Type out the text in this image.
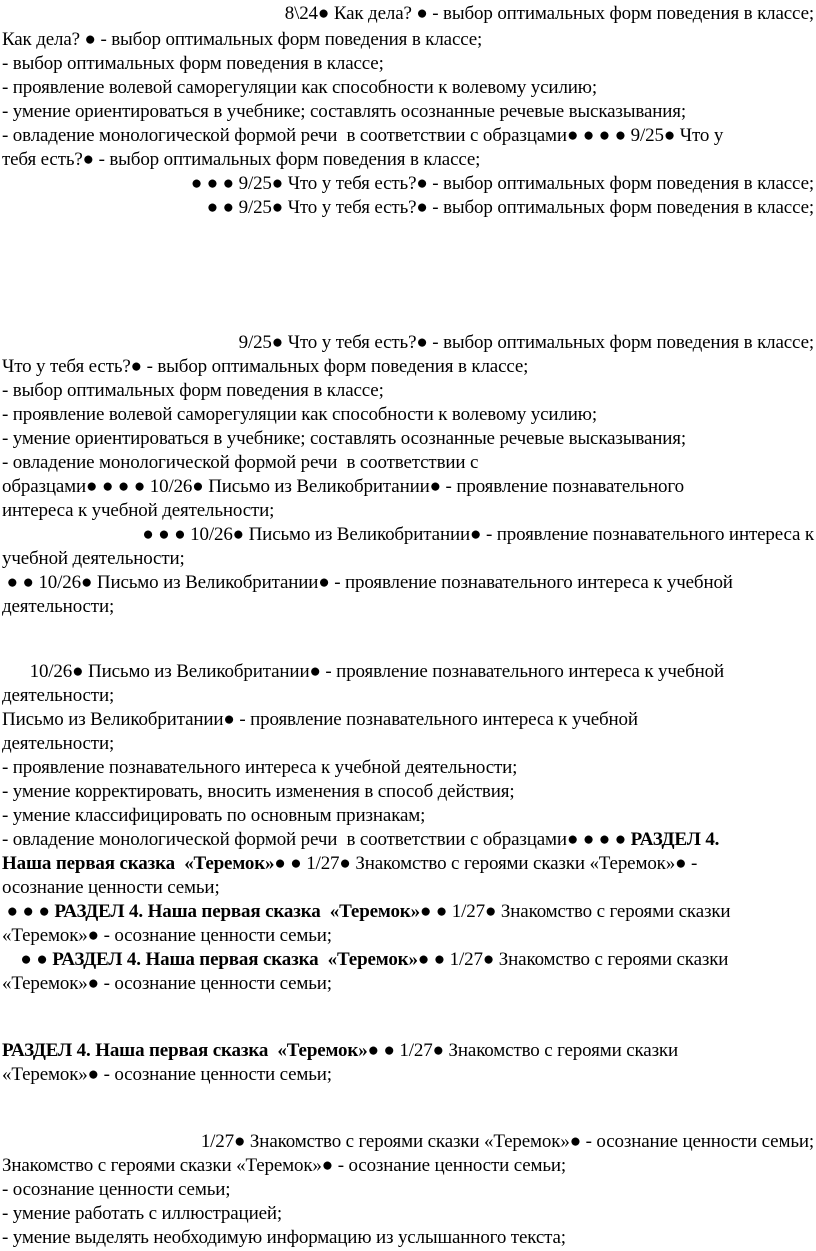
8\24● Как дела? ● - выбор оптимальных форм поведения в классе;
Как дела? ● - выбор оптимальных форм поведения в классе;
- выбор оптимальных форм поведения в классе;
- проявление волевой саморегуляции как способности к волевому усилию;
- умение ориентироваться в учебнике; составлять осознанные речевые высказывания;
- овладение монологической формой речи  в соответствии с образцами● ● ● ● 9/25● Что у
тебя есть?● - выбор оптимальных форм поведения в классе;
● ● ● 9/25● Что у тебя есть?● - выбор оптимальных форм поведения в классе;
● ● 9/25● Что у тебя есть?● - выбор оптимальных форм поведения в классе;
9/25● Что у тебя есть?● - выбор оптимальных форм поведения в классе;
Что у тебя есть?● - выбор оптимальных форм поведения в классе;
- выбор оптимальных форм поведения в классе;
- проявление волевой саморегуляции как способности к волевому усилию;
- умение ориентироваться в учебнике; составлять осознанные речевые высказывания;
- овладение монологической формой речи  в соответствии с
образцами● ● ● ● 10/26● Письмо из Великобритании● - проявление познавательного
интереса к учебной деятельности;
● ● ● 10/26● Письмо из Великобритании● - проявление познавательного интереса к
учебной деятельности;
● ● 10/26● Письмо из Великобритании● - проявление познавательного интереса к учебной
деятельности;
10/26● Письмо из Великобритании● - проявление познавательного интереса к учебной
деятельности;
Письмо из Великобритании● - проявление познавательного интереса к учебной
деятельности;
- проявление познавательного интереса к учебной деятельности;
- умение корректировать, вносить изменения в способ действия;
- умение классифицировать по основным признакам;
- овладение монологической формой речи  в соответствии с образцами● ● ● ● РАЗДЕЛ 4.
Наша первая сказка  «Теремок»● ● 1/27● Знакомство с героями сказки «Теремок»● -
осознание ценности семьи;
● ● ● РАЗДЕЛ 4. Наша первая сказка  «Теремок»● ● 1/27● Знакомство с героями сказки
«Теремок»● - осознание ценности семьи;
● ● РАЗДЕЛ 4. Наша первая сказка  «Теремок»● ● 1/27● Знакомство с героями сказки
«Теремок»● - осознание ценности семьи;
РАЗДЕЛ 4. Наша первая сказка  «Теремок»● ● 1/27● Знакомство с героями сказки
«Теремок»● - осознание ценности семьи;
1/27● Знакомство с героями сказки «Теремок»● - осознание ценности семьи;
Знакомство с героями сказки «Теремок»● - осознание ценности семьи;
- осознание ценности семьи;
- умение работать с иллюстрацией;
- умение выделять необходимую информацию из услышанного текста;
